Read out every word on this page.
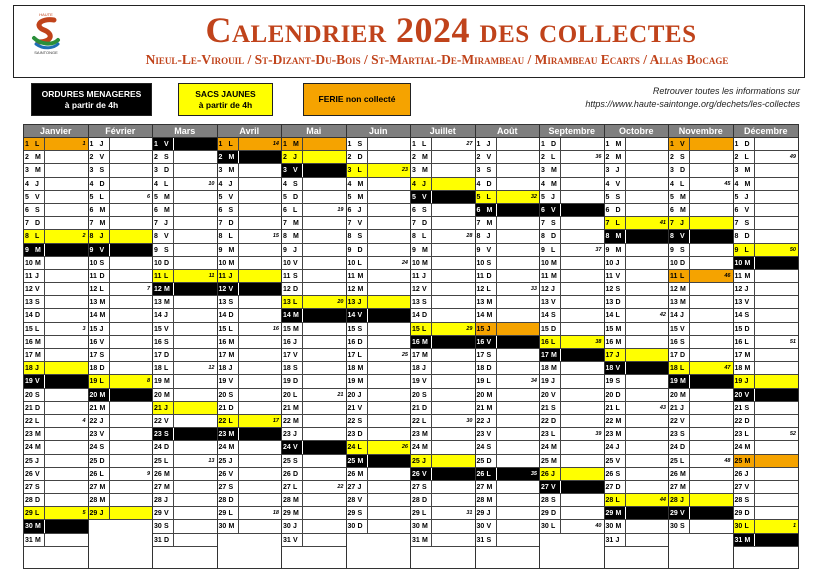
HAUTE
SAINTONGE
Calendrier 2024 des collectes
Nieul-Le-Virouil / St-Dizant-Du-Bois / St-Martial-De-Mirambeau / Mirambeau Ecarts / Allas Bocage
ORDURES MENAGERES
à partir de 4h
SACS JAUNES
à partir de 4h
FERIE non collecté
Retrouver toutes les informations sur
https://www.haute-saintonge.org/dechets/les-collectes
Janvier
1 L	1
2 M
3 M
4 J
5 V
6 S
7 D
8 L	2
9 M
10 M
11 J
12 V
13 S
14 D
15 L	3
16 M
17 M
18 J
19 V
20 S
21 D
22 L	4
23 M
24 M
25 J
26 V
27 S
28 D
29 L	5
30 M
31 M
Février
1 J
2 V
3 S
4 D
5 L	6
6 M
7 M
8 J
9 V
10 S
11 D
12 L	7
13 M
14 M
15 J
16 V
17 S
18 D
19 L	8
20 M
21 M
22 J
23 V
24 S
25 D
26 L	9
27 M
28 M
29 J
Mars
1 V
2 S
3 D
4 L	10
5 M
6 M
7 J
8 V
9 S
10 D
11 L	11
12 M
13 M
14 J
15 V
16 S
17 D
18 L	12
19 M
20 M
21 J
22 V
23 S
24 D
25 L	13
26 M
27 M
28 J
29 V
30 S
31 D
Avril
1 L	14
2 M
3 M
4 J
5 V
6 S
7 D
8 L	15
9 M
10 M
11 J
12 V
13 S
14 D
15 L	16
16 M
17 M
18 J
19 V
20 S
21 D
22 L	17
23 M
24 M
25 J
26 V
27 S
28 D
29 L	18
30 M
Mai
1 M
2 J
3 V
4 S
5 D
6 L	19
7 M
8 M
9 J
10 V
11 S
12 D
13 L	20
14 M
15 M
16 J
17 V
18 S
19 D
20 L	21
21 M
22 M
23 J
24 V
25 S
26 D
27 L	22
28 M
29 M
30 J
31 V
Juin
1 S
2 D
3 L	23
4 M
5 M
6 J
7 V
8 S
9 D
10 L	24
11 M
12 M
13 J
14 V
15 S
16 D
17 L	25
18 M
19 M
20 J
21 V
22 S
23 D
24 L	26
25 M
26 M
27 J
28 V
29 S
30 D
Juillet
1 L	27
2 M
3 M
4 J
5 V
6 S
7 D
8 L	28
9 M
10 M
11 J
12 V
13 S
14 D
15 L	29
16 M
17 M
18 J
19 V
20 S
21 D
22 L	30
23 M
24 M
25 J
26 V
27 S
28 D
29 L	31
30 M
31 M
Août
1 J
2 V
3 S
4 D
5 L	32
6 M
7 M
8 J
9 V
10 S
11 D
12 L	33
13 M
14 M
15 J
16 V
17 S
18 D
19 L	34
20 M
21 M
22 J
23 V
24 S
25 D
26 L	35
27 M
28 M
29 J
30 V
31 S
Septembre
1 D
2 L	36
3 M
4 M
5 J
6 V
7 S
8 D
9 L	37
10 M
11 M
12 J
13 V
14 S
15 D
16 L	38
17 M
18 M
19 J
20 V
21 S
22 D
23 L	39
24 M
25 M
26 J
27 V
28 S
29 D
30 L	40
Octobre
1 M
2 M
3 J
4 V
5 S
6 D
7 L	41
8 M
9 M
10 J
11 V
12 S
13 D
14 L	42
15 M
16 M
17 J
18 V
19 S
20 D
21 L	43
22 M
23 M
24 J
25 V
26 S
27 D
28 L	44
29 M
30 M
31 J
Novembre
1 V
2 S
3 D
4 L	45
5 M
6 M
7 J
8 V
9 S
10 D
11 L	46
12 M
13 M
14 J
15 V
16 S
17 D
18 L	47
19 M
20 M
21 J
22 V
23 S
24 D
25 L	48
26 M
27 M
28 J
29 V
30 S
Décembre
1 D
2 L	49
3 M
4 M
5 J
6 V
7 S
8 D
9 L	50
10 M
11 M
12 J
13 V
14 S
15 D
16 L	51
17 M
18 M
19 J
20 V
21 S
22 D
23 L	52
24 M
25 M
26 J
27 V
28 S
29 D
30 L	1
31 M
